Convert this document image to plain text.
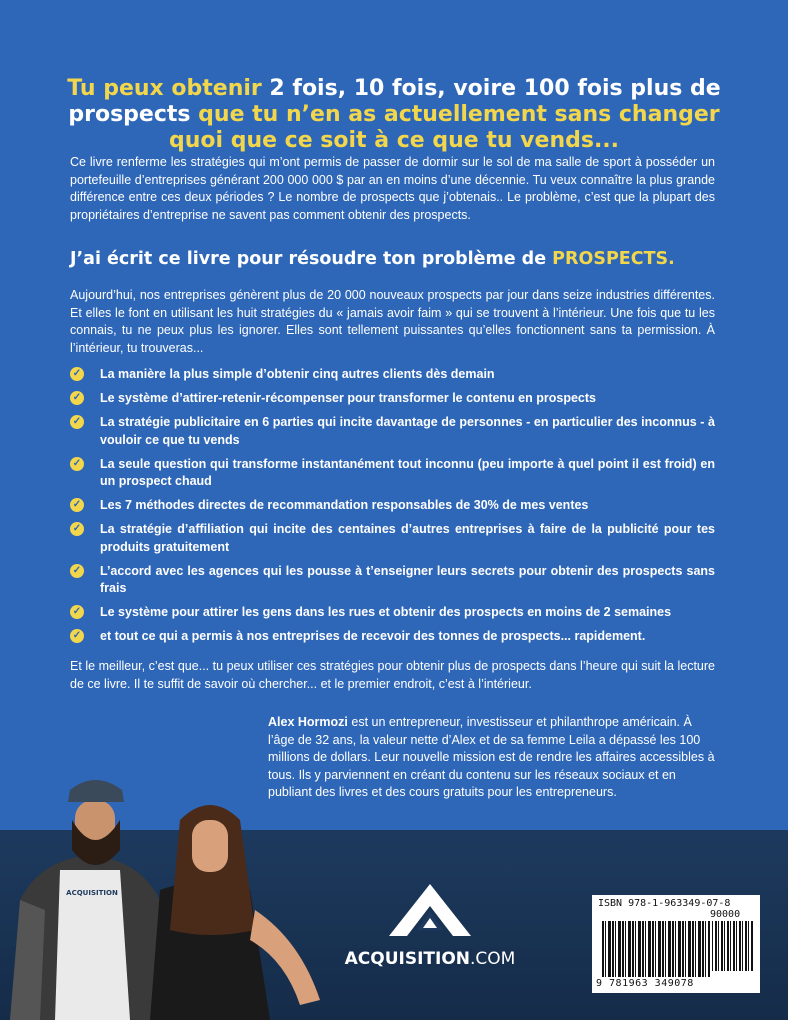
Tu peux obtenir 2 fois, 10 fois, voire 100 fois plus de prospects que tu n’en as actuellement sans changer quoi que ce soit à ce que tu vends...

Ce livre renferme les stratégies qui m’ont permis de passer de dormir sur le sol de ma salle de sport à posséder un portefeuille d’entreprises générant 200 000 000 $ par an en moins d’une décennie. Tu veux connaître la plus grande différence entre ces deux périodes ? Le nombre de prospects que j’obtenais.. Le problème, c’est que la plupart des propriétaires d’entreprise ne savent pas comment obtenir des prospects.

J’ai écrit ce livre pour résoudre ton problème de PROSPECTS.

Aujourd’hui, nos entreprises génèrent plus de 20 000 nouveaux prospects par jour dans seize industries différentes. Et elles le font en utilisant les huit stratégies du « jamais avoir faim » qui se trouvent à l’intérieur. Une fois que tu les connais, tu ne peux plus les ignorer. Elles sont tellement puissantes qu’elles fonctionnent sans ta permission. À l’intérieur, tu trouveras...

✓ La manière la plus simple d’obtenir cinq autres clients dès demain
✓ Le système d’attirer-retenir-récompenser pour transformer le contenu en prospects
✓ La stratégie publicitaire en 6 parties qui incite davantage de personnes - en particulier des inconnus - à vouloir ce que tu vends
✓ La seule question qui transforme instantanément tout inconnu (peu importe à quel point il est froid) en un prospect chaud
✓ Les 7 méthodes directes de recommandation responsables de 30% de mes ventes
✓ La stratégie d’affiliation qui incite des centaines d’autres entreprises à faire de la publicité pour tes produits gratuitement
✓ L’accord avec les agences qui les pousse à t’enseigner leurs secrets pour obtenir des prospects sans frais
✓ Le système pour attirer les gens dans les rues et obtenir des prospects en moins de 2 semaines
✓ et tout ce qui a permis à nos entreprises de recevoir des tonnes de prospects... rapidement.

Et le meilleur, c’est que... tu peux utiliser ces stratégies pour obtenir plus de prospects dans l’heure qui suit la lecture de ce livre. Il te suffit de savoir où chercher... et le premier endroit, c’est à l’intérieur.

Alex Hormozi est un entrepreneur, investisseur et philanthrope américain. À l’âge de 32 ans, la valeur nette d’Alex et de sa femme Leila a dépassé les 100 millions de dollars. Leur nouvelle mission est de rendre les affaires accessibles à tous. Ils y parviennent en créant du contenu sur les réseaux sociaux et en publiant des livres et des cours gratuits pour les entrepreneurs.

ACQUISITION
ACQUISITION.COM
ISBN 978-1-963349-07-8
90000
9 781963 349078
